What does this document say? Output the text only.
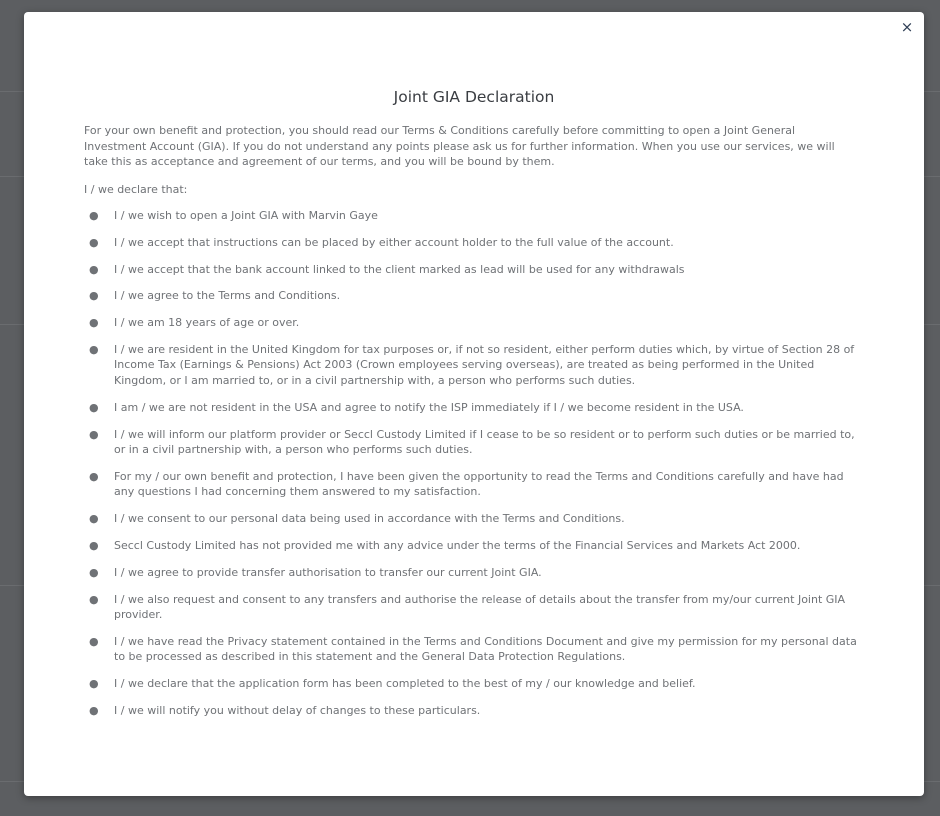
×
Joint GIA Declaration

For your own benefit and protection, you should read our Terms & Conditions carefully before committing to open a Joint General Investment Account (GIA). If you do not understand any points please ask us for further information. When you use our services, we will take this as acceptance and agreement of our terms, and you will be bound by them.

I / we declare that:

● I / we wish to open a Joint GIA with Marvin Gaye
● I / we accept that instructions can be placed by either account holder to the full value of the account.
● I / we accept that the bank account linked to the client marked as lead will be used for any withdrawals
● I / we agree to the Terms and Conditions.
● I / we am 18 years of age or over.
● I / we are resident in the United Kingdom for tax purposes or, if not so resident, either perform duties which, by virtue of Section 28 of Income Tax (Earnings & Pensions) Act 2003 (Crown employees serving overseas), are treated as being performed in the United Kingdom, or I am married to, or in a civil partnership with, a person who performs such duties.
● I am / we are not resident in the USA and agree to notify the ISP immediately if I / we become resident in the USA.
● I / we will inform our platform provider or Seccl Custody Limited if I cease to be so resident or to perform such duties or be married to, or in a civil partnership with, a person who performs such duties.
● For my / our own benefit and protection, I have been given the opportunity to read the Terms and Conditions carefully and have had any questions I had concerning them answered to my satisfaction.
● I / we consent to our personal data being used in accordance with the Terms and Conditions.
● Seccl Custody Limited has not provided me with any advice under the terms of the Financial Services and Markets Act 2000.
● I / we agree to provide transfer authorisation to transfer our current Joint GIA.
● I / we also request and consent to any transfers and authorise the release of details about the transfer from my/our current Joint GIA provider.
● I / we have read the Privacy statement contained in the Terms and Conditions Document and give my permission for my personal data to be processed as described in this statement and the General Data Protection Regulations.
● I / we declare that the application form has been completed to the best of my / our knowledge and belief.
● I / we will notify you without delay of changes to these particulars.
